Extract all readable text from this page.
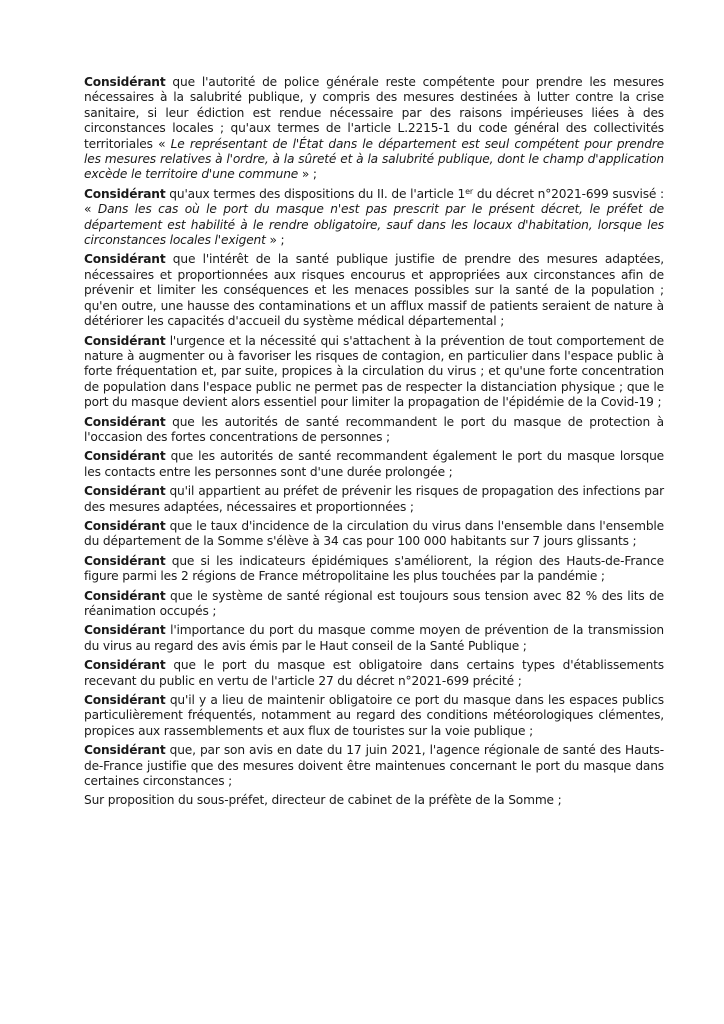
Considérant que l'autorité de police générale reste compétente pour prendre les mesures nécessaires à la salubrité publique, y compris des mesures destinées à lutter contre la crise sanitaire, si leur édiction est rendue nécessaire par des raisons impérieuses liées à des circonstances locales ; qu'aux termes de l'article L.2215-1 du code général des collectivités territoriales « Le représentant de l'État dans le département est seul compétent pour prendre les mesures relatives à l'ordre, à la sûreté et à la salubrité publique, dont le champ d'application excède le territoire d'une commune » ;

Considérant qu'aux termes des dispositions du II. de l'article 1er du décret n°2021-699 susvisé : « Dans les cas où le port du masque n'est pas prescrit par le présent décret, le préfet de département est habilité à le rendre obligatoire, sauf dans les locaux d'habitation, lorsque les circonstances locales l'exigent » ;

Considérant que l'intérêt de la santé publique justifie de prendre des mesures adaptées, nécessaires et proportionnées aux risques encourus et appropriées aux circonstances afin de prévenir et limiter les conséquences et les menaces possibles sur la santé de la population ; qu'en outre, une hausse des contaminations et un afflux massif de patients seraient de nature à détériorer les capacités d'accueil du système médical départemental ;

Considérant l'urgence et la nécessité qui s'attachent à la prévention de tout comportement de nature à augmenter ou à favoriser les risques de contagion, en particulier dans l'espace public à forte fréquentation et, par suite, propices à la circulation du virus ; et qu'une forte concentration de population dans l'espace public ne permet pas de respecter la distanciation physique ; que le port du masque devient alors essentiel pour limiter la propagation de l'épidémie de la Covid-19 ;

Considérant que les autorités de santé recommandent le port du masque de protection à l'occasion des fortes concentrations de personnes ;

Considérant que les autorités de santé recommandent également le port du masque lorsque les contacts entre les personnes sont d'une durée prolongée ;

Considérant qu'il appartient au préfet de prévenir les risques de propagation des infections par des mesures adaptées, nécessaires et proportionnées ;

Considérant que le taux d'incidence de la circulation du virus dans l'ensemble dans l'ensemble du département de la Somme s'élève à 34 cas pour 100 000 habitants sur 7 jours glissants ;

Considérant que si les indicateurs épidémiques s'améliorent, la région des Hauts-de-France figure parmi les 2 régions de France métropolitaine les plus touchées par la pandémie ;

Considérant que le système de santé régional est toujours sous tension avec 82 % des lits de réanimation occupés ;

Considérant l'importance du port du masque comme moyen de prévention de la transmission du virus au regard des avis émis par le Haut conseil de la Santé Publique ;

Considérant que le port du masque est obligatoire dans certains types d'établissements recevant du public en vertu de l'article 27 du décret n°2021-699 précité ;

Considérant qu'il y a lieu de maintenir obligatoire ce port du masque dans les espaces publics particulièrement fréquentés, notamment au regard des conditions météorologiques clémentes, propices aux rassemblements et aux flux de touristes sur la voie publique ;

Considérant que, par son avis en date du 17 juin 2021, l'agence régionale de santé des Hauts-de-France justifie que des mesures doivent être maintenues concernant le port du masque dans certaines circonstances ;

Sur proposition du sous-préfet, directeur de cabinet de la préfète de la Somme ;
